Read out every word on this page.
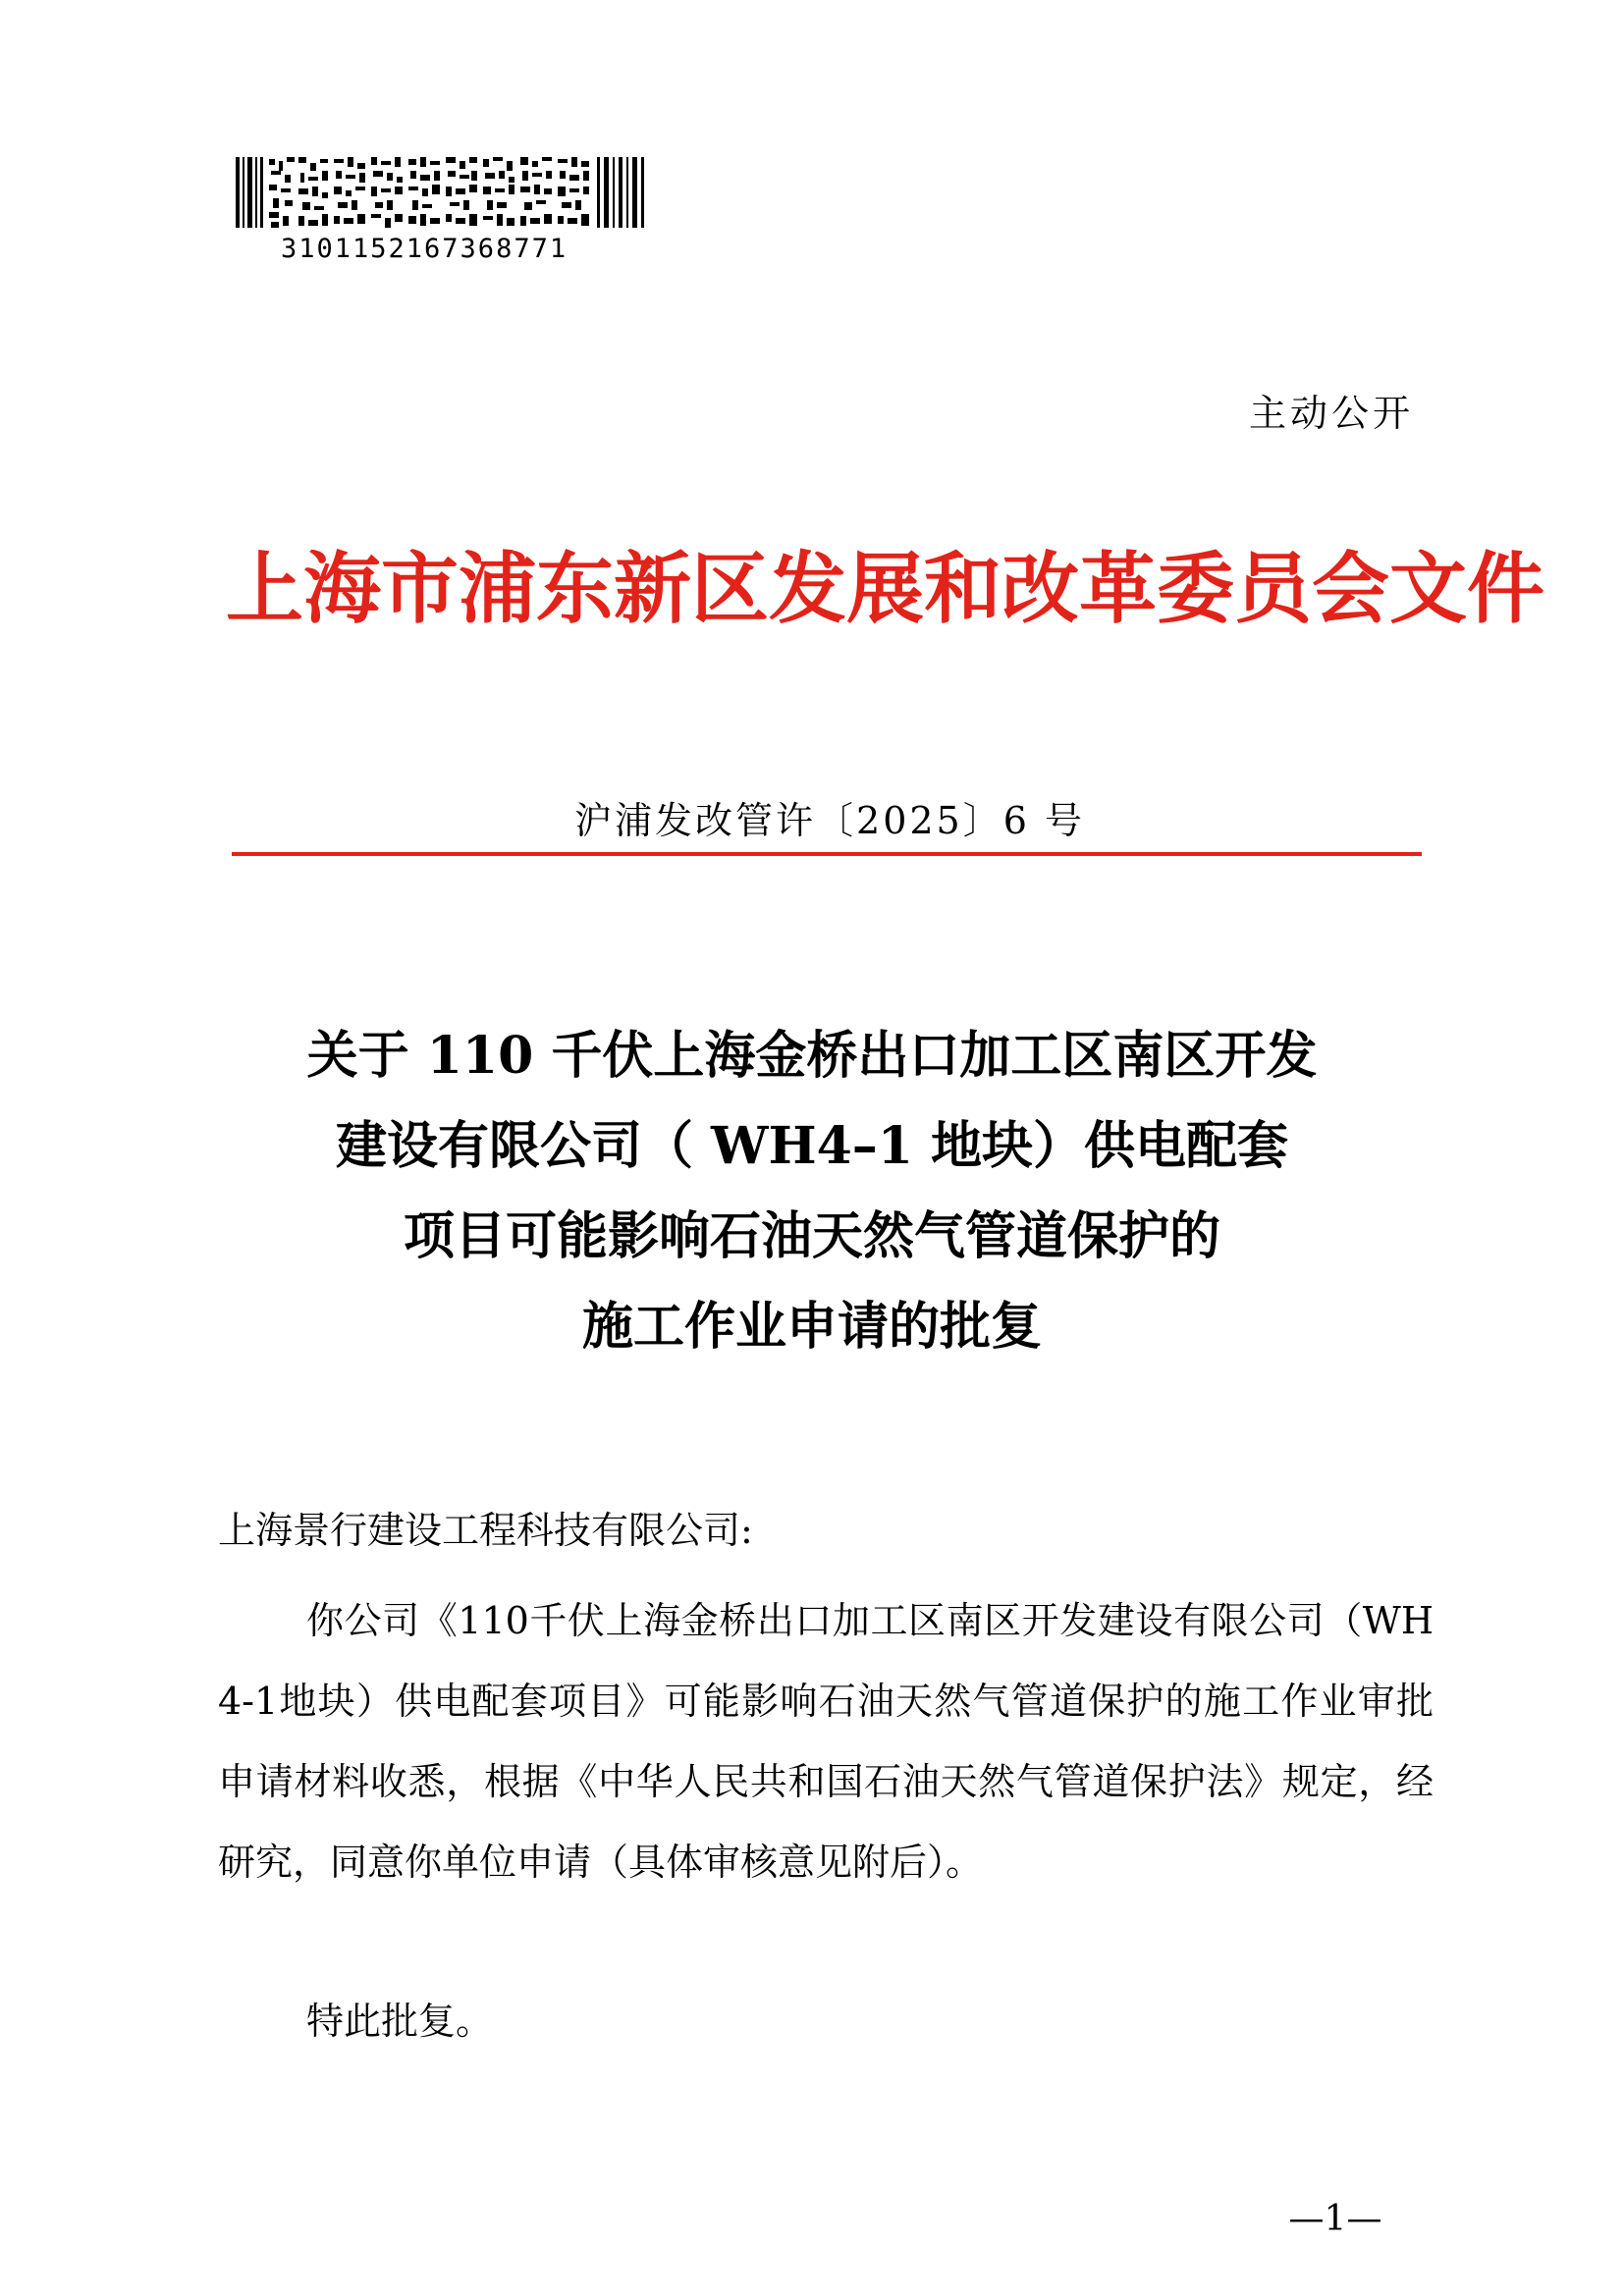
3101152167368771
主动公开
上海市浦东新区发展和改革委员会文件
沪浦发改管许〔2025〕6 号
关于 110 千伏上海金桥出口加工区南区开发
建设有限公司（ WH4–1 地块）供电配套
项目可能影响石油天然气管道保护的
施工作业申请的批复
上海景行建设工程科技有限公司:
你公司《110千伏上海金桥出口加工区南区开发建设有限公司（WH4-1地块）供电配套项目》可能影响石油天然气管道保护的施工作业审批申请材料收悉，根据《中华人民共和国石油天然气管道保护法》规定，经研究，同意你单位申请（具体审核意见附后）。
特此批复。
—1—
